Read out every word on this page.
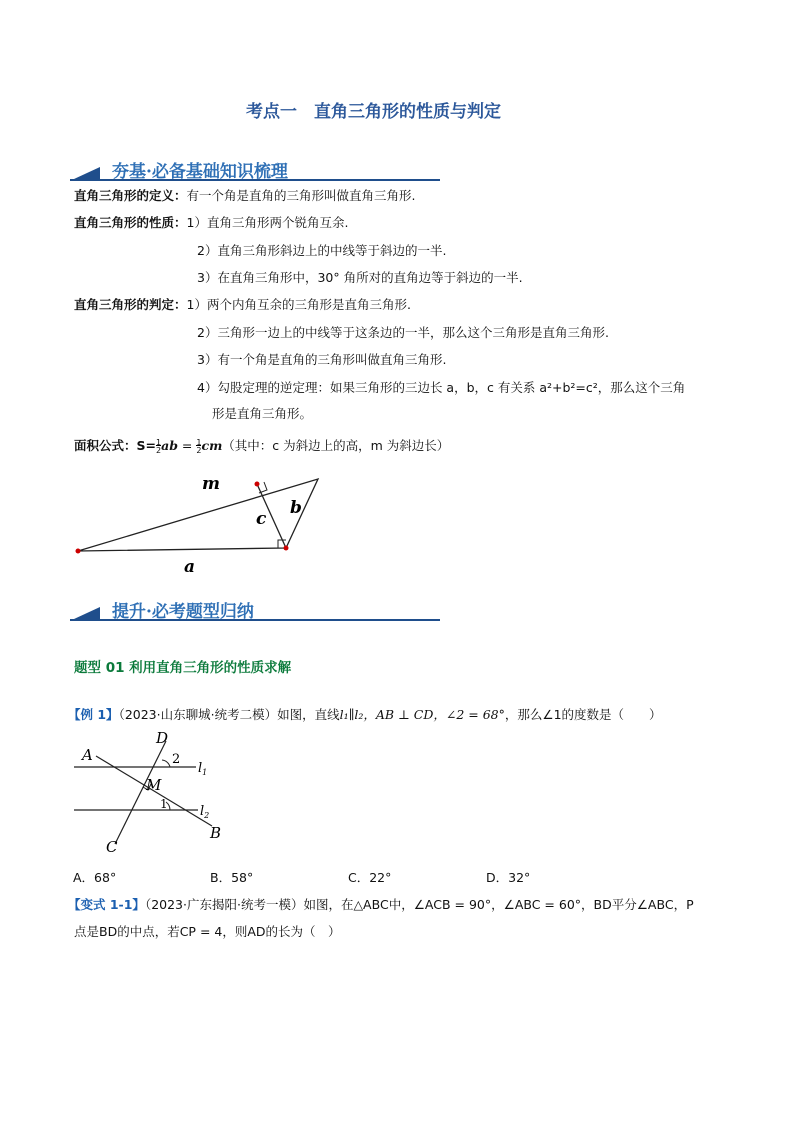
考点一　直角三角形的性质与判定
夯基·必备基础知识梳理
直角三角形的定义：有一个角是直角的三角形叫做直角三角形.
直角三角形的性质：1）直角三角形两个锐角互余.
2）直角三角形斜边上的中线等于斜边的一半.
3）在直角三角形中，30° 角所对的直角边等于斜边的一半.
直角三角形的判定：1）两个内角互余的三角形是直角三角形.
2）三角形一边上的中线等于这条边的一半，那么这个三角形是直角三角形.
3）有一个角是直角的三角形叫做直角三角形.
4）勾股定理的逆定理：如果三角形的三边长 a，b，c 有关系 a²+b²=c²，那么这个三角
形是直角三角形。
面积公式：$S=\frac{1}{2}ab = \frac{1}{2}cm$（其中：c 为斜边上的高，m 为斜边长）
m
c
b
a
提升·必考题型归纳
题型 01 利用直角三角形的性质求解
【例 1】（2023·山东聊城·统考二模）如图，直线l₁∥l₂，AB ⊥ CD，∠2 = 68°，那么∠1的度数是（　　）
A
D
2
$l_1$
M
1 $l_2$
C
B
A．68°	B．58°	C．22°	D．32°
【变式 1-1】（2023·广东揭阳·统考一模）如图，在△ABC中，∠ACB = 90°，∠ABC = 60°，BD平分∠ABC，P
点是BD的中点，若CP = 4，则AD的长为（　）
